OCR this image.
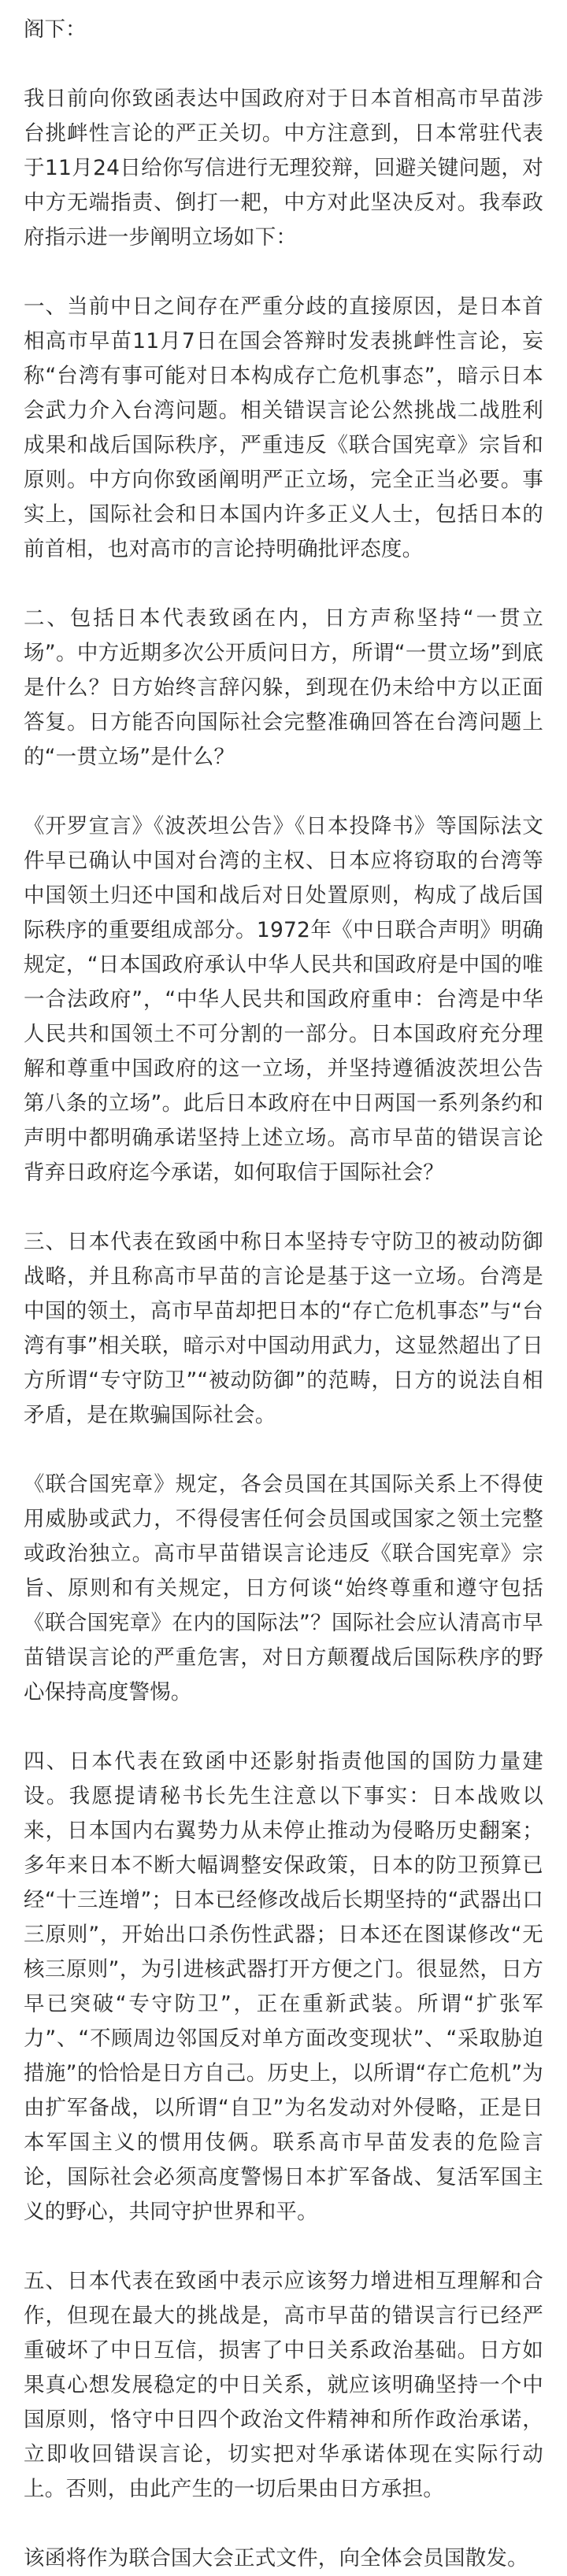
阁下：

我日前向你致函表达中国政府对于日本首相高市早苗涉台挑衅性言论的严正关切。中方注意到，日本常驻代表于11月24日给你写信进行无理狡辩，回避关键问题，对中方无端指责、倒打一耙，中方对此坚决反对。我奉政府指示进一步阐明立场如下：

一、当前中日之间存在严重分歧的直接原因，是日本首相高市早苗11月7日在国会答辩时发表挑衅性言论，妄称“台湾有事可能对日本构成存亡危机事态”，暗示日本会武力介入台湾问题。相关错误言论公然挑战二战胜利成果和战后国际秩序，严重违反《联合国宪章》宗旨和原则。中方向你致函阐明严正立场，完全正当必要。事实上，国际社会和日本国内许多正义人士，包括日本的前首相，也对高市的言论持明确批评态度。

二、包括日本代表致函在内，日方声称坚持“一贯立场”。中方近期多次公开质问日方，所谓“一贯立场”到底是什么？日方始终言辞闪躲，到现在仍未给中方以正面答复。日方能否向国际社会完整准确回答在台湾问题上的“一贯立场”是什么？

《开罗宣言》《波茨坦公告》《日本投降书》等国际法文件早已确认中国对台湾的主权、日本应将窃取的台湾等中国领土归还中国和战后对日处置原则，构成了战后国际秩序的重要组成部分。1972年《中日联合声明》明确规定，“日本国政府承认中华人民共和国政府是中国的唯一合法政府”，“中华人民共和国政府重申：台湾是中华人民共和国领土不可分割的一部分。日本国政府充分理解和尊重中国政府的这一立场，并坚持遵循波茨坦公告第八条的立场”。此后日本政府在中日两国一系列条约和声明中都明确承诺坚持上述立场。高市早苗的错误言论背弃日政府迄今承诺，如何取信于国际社会？

三、日本代表在致函中称日本坚持专守防卫的被动防御战略，并且称高市早苗的言论是基于这一立场。台湾是中国的领土，高市早苗却把日本的“存亡危机事态”与“台湾有事”相关联，暗示对中国动用武力，这显然超出了日方所谓“专守防卫”“被动防御”的范畴，日方的说法自相矛盾，是在欺骗国际社会。

《联合国宪章》规定，各会员国在其国际关系上不得使用威胁或武力，不得侵害任何会员国或国家之领土完整或政治独立。高市早苗错误言论违反《联合国宪章》宗旨、原则和有关规定，日方何谈“始终尊重和遵守包括《联合国宪章》在内的国际法”？国际社会应认清高市早苗错误言论的严重危害，对日方颠覆战后国际秩序的野心保持高度警惕。

四、日本代表在致函中还影射指责他国的国防力量建设。我愿提请秘书长先生注意以下事实：日本战败以来，日本国内右翼势力从未停止推动为侵略历史翻案；多年来日本不断大幅调整安保政策，日本的防卫预算已经“十三连增”；日本已经修改战后长期坚持的“武器出口三原则”，开始出口杀伤性武器；日本还在图谋修改“无核三原则”，为引进核武器打开方便之门。很显然，日方早已突破“专守防卫”，正在重新武装。所谓“扩张军力”、“不顾周边邻国反对单方面改变现状”、“采取胁迫措施”的恰恰是日方自己。历史上，以所谓“存亡危机”为由扩军备战，以所谓“自卫”为名发动对外侵略，正是日本军国主义的惯用伎俩。联系高市早苗发表的危险言论，国际社会必须高度警惕日本扩军备战、复活军国主义的野心，共同守护世界和平。

五、日本代表在致函中表示应该努力增进相互理解和合作，但现在最大的挑战是，高市早苗的错误言行已经严重破坏了中日互信，损害了中日关系政治基础。日方如果真心想发展稳定的中日关系，就应该明确坚持一个中国原则，恪守中日四个政治文件精神和所作政治承诺，立即收回错误言论，切实把对华承诺体现在实际行动上。否则，由此产生的一切后果由日方承担。

该函将作为联合国大会正式文件，向全体会员国散发。
